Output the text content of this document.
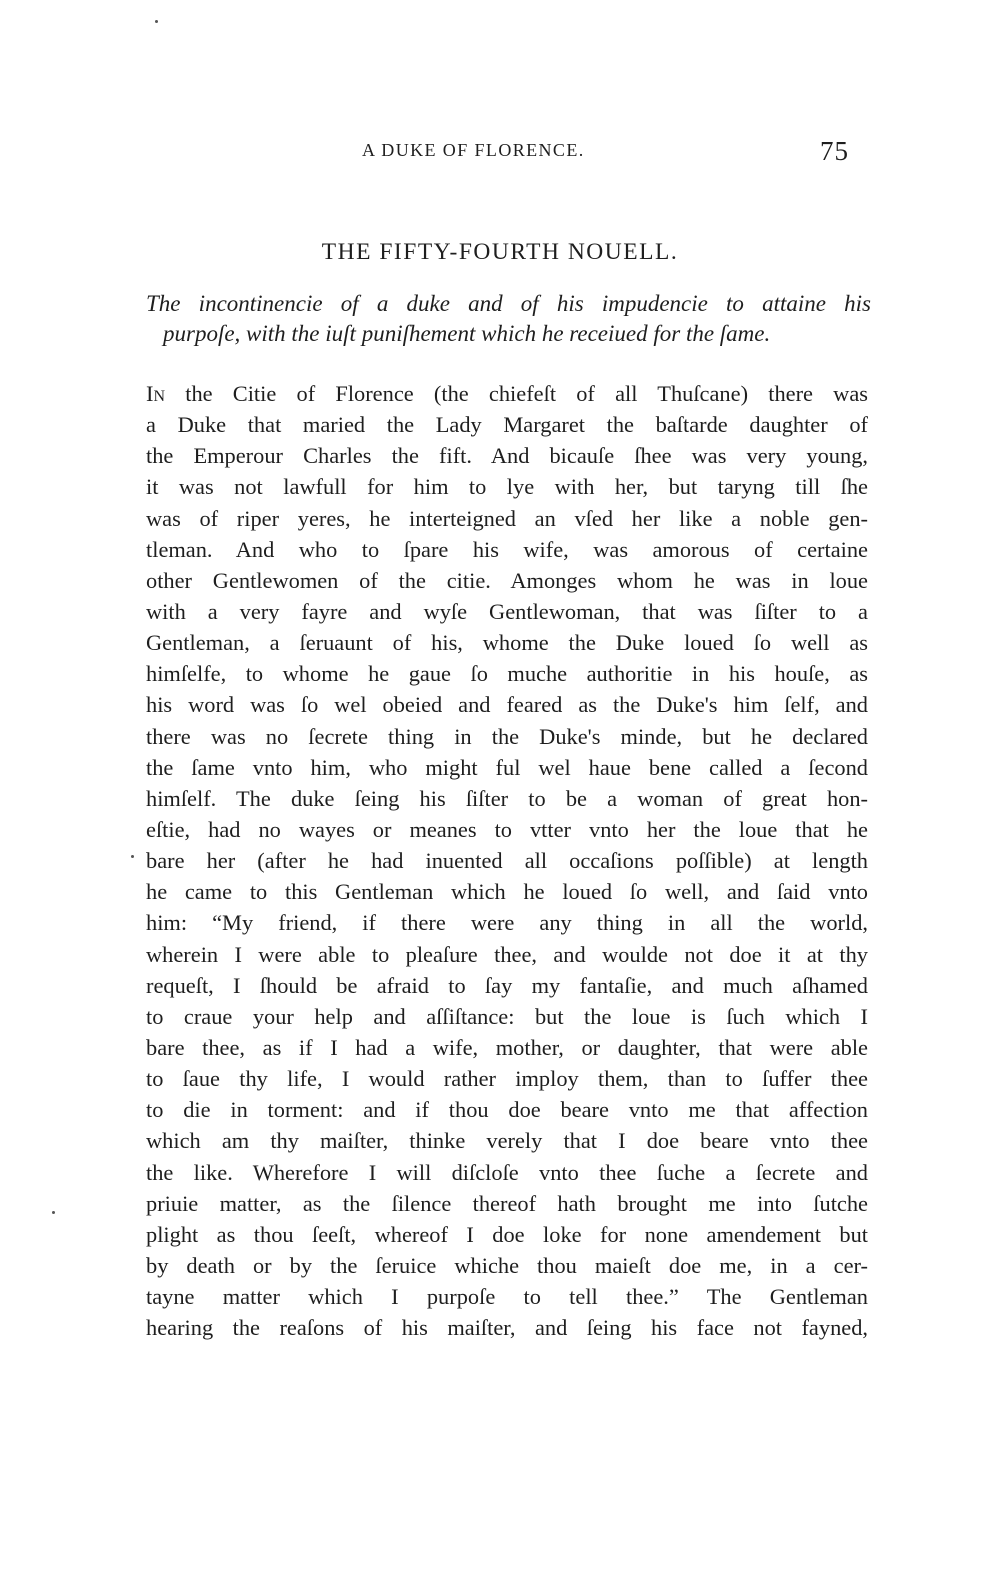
A DUKE OF FLORENCE.	75
THE FIFTY-FOURTH NOUELL.
The incontinencie of a duke and of his impudencie to attaine his
purpoſe, with the iuſt puniſhement which he receiued for the ſame.
In the Citie of Florence (the chiefeſt of all Thuſcane) there was
a Duke that maried the Lady Margaret the baſtarde daughter of
the Emperour Charles the fift. And bicauſe ſhee was very young,
it was not lawfull for him to lye with her, but taryng till ſhe
was of riper yeres, he interteigned an vſed her like a noble gen-
tleman. And who to ſpare his wife, was amorous of certaine
other Gentlewomen of the citie. Amonges whom he was in loue
with a very fayre and wyſe Gentlewoman, that was ſiſter to a
Gentleman, a ſeruaunt of his, whome the Duke loued ſo well as
himſelfe, to whome he gaue ſo muche authoritie in his houſe, as
his word was ſo wel obeied and feared as the Duke's him ſelf, and
there was no ſecrete thing in the Duke's minde, but he declared
the ſame vnto him, who might ful wel haue bene called a ſecond
himſelf. The duke ſeing his ſiſter to be a woman of great hon-
eſtie, had no wayes or meanes to vtter vnto her the loue that he
bare her (after he had inuented all occaſions poſſible) at length
he came to this Gentleman which he loued ſo well, and ſaid vnto
him: “My friend, if there were any thing in all the world,
wherein I were able to pleaſure thee, and woulde not doe it at thy
requeſt, I ſhould be afraid to ſay my fantaſie, and much aſhamed
to craue your help and aſſiſtance: but the loue is ſuch which I
bare thee, as if I had a wife, mother, or daughter, that were able
to ſaue thy life, I would rather imploy them, than to ſuffer thee
to die in torment: and if thou doe beare vnto me that affection
which am thy maiſter, thinke verely that I doe beare vnto thee
the like. Wherefore I will diſcloſe vnto thee ſuche a ſecrete and
priuie matter, as the ſilence thereof hath brought me into ſutche
plight as thou ſeeſt, whereof I doe loke for none amendement but
by death or by the ſeruice whiche thou maieſt doe me, in a cer-
tayne matter which I purpoſe to tell thee.” The Gentleman
hearing the reaſons of his maiſter, and ſeing his face not fayned,
